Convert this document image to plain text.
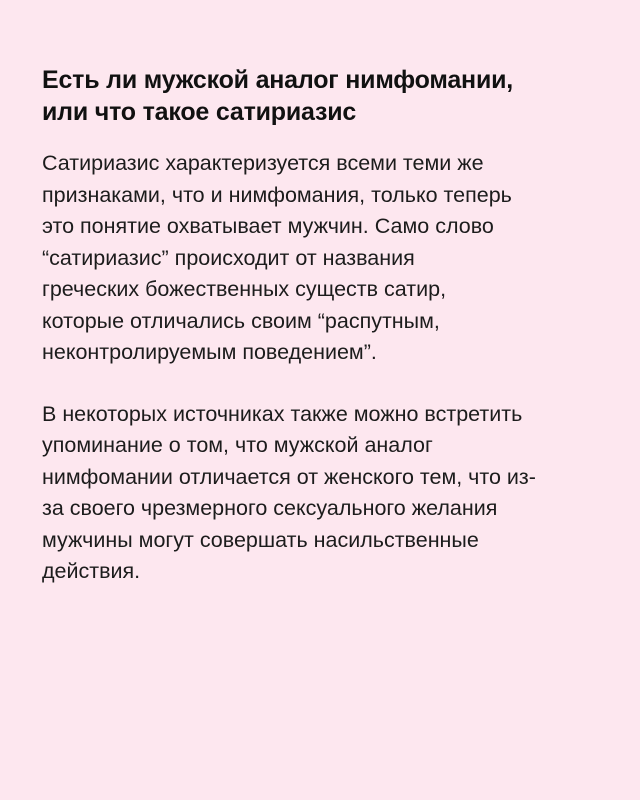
Есть ли мужской аналог нимфомании,
или что такое сатириазис

Сатириазис характеризуется всеми теми же
признаками, что и нимфомания, только теперь
это понятие охватывает мужчин. Само слово
“сатириазис” происходит от названия
греческих божественных существ сатир,
которые отличались своим “распутным,
неконтролируемым поведением”.

В некоторых источниках также можно встретить
упоминание о том, что мужской аналог
нимфомании отличается от женского тем, что из-
за своего чрезмерного сексуального желания
мужчины могут совершать насильственные
действия.
